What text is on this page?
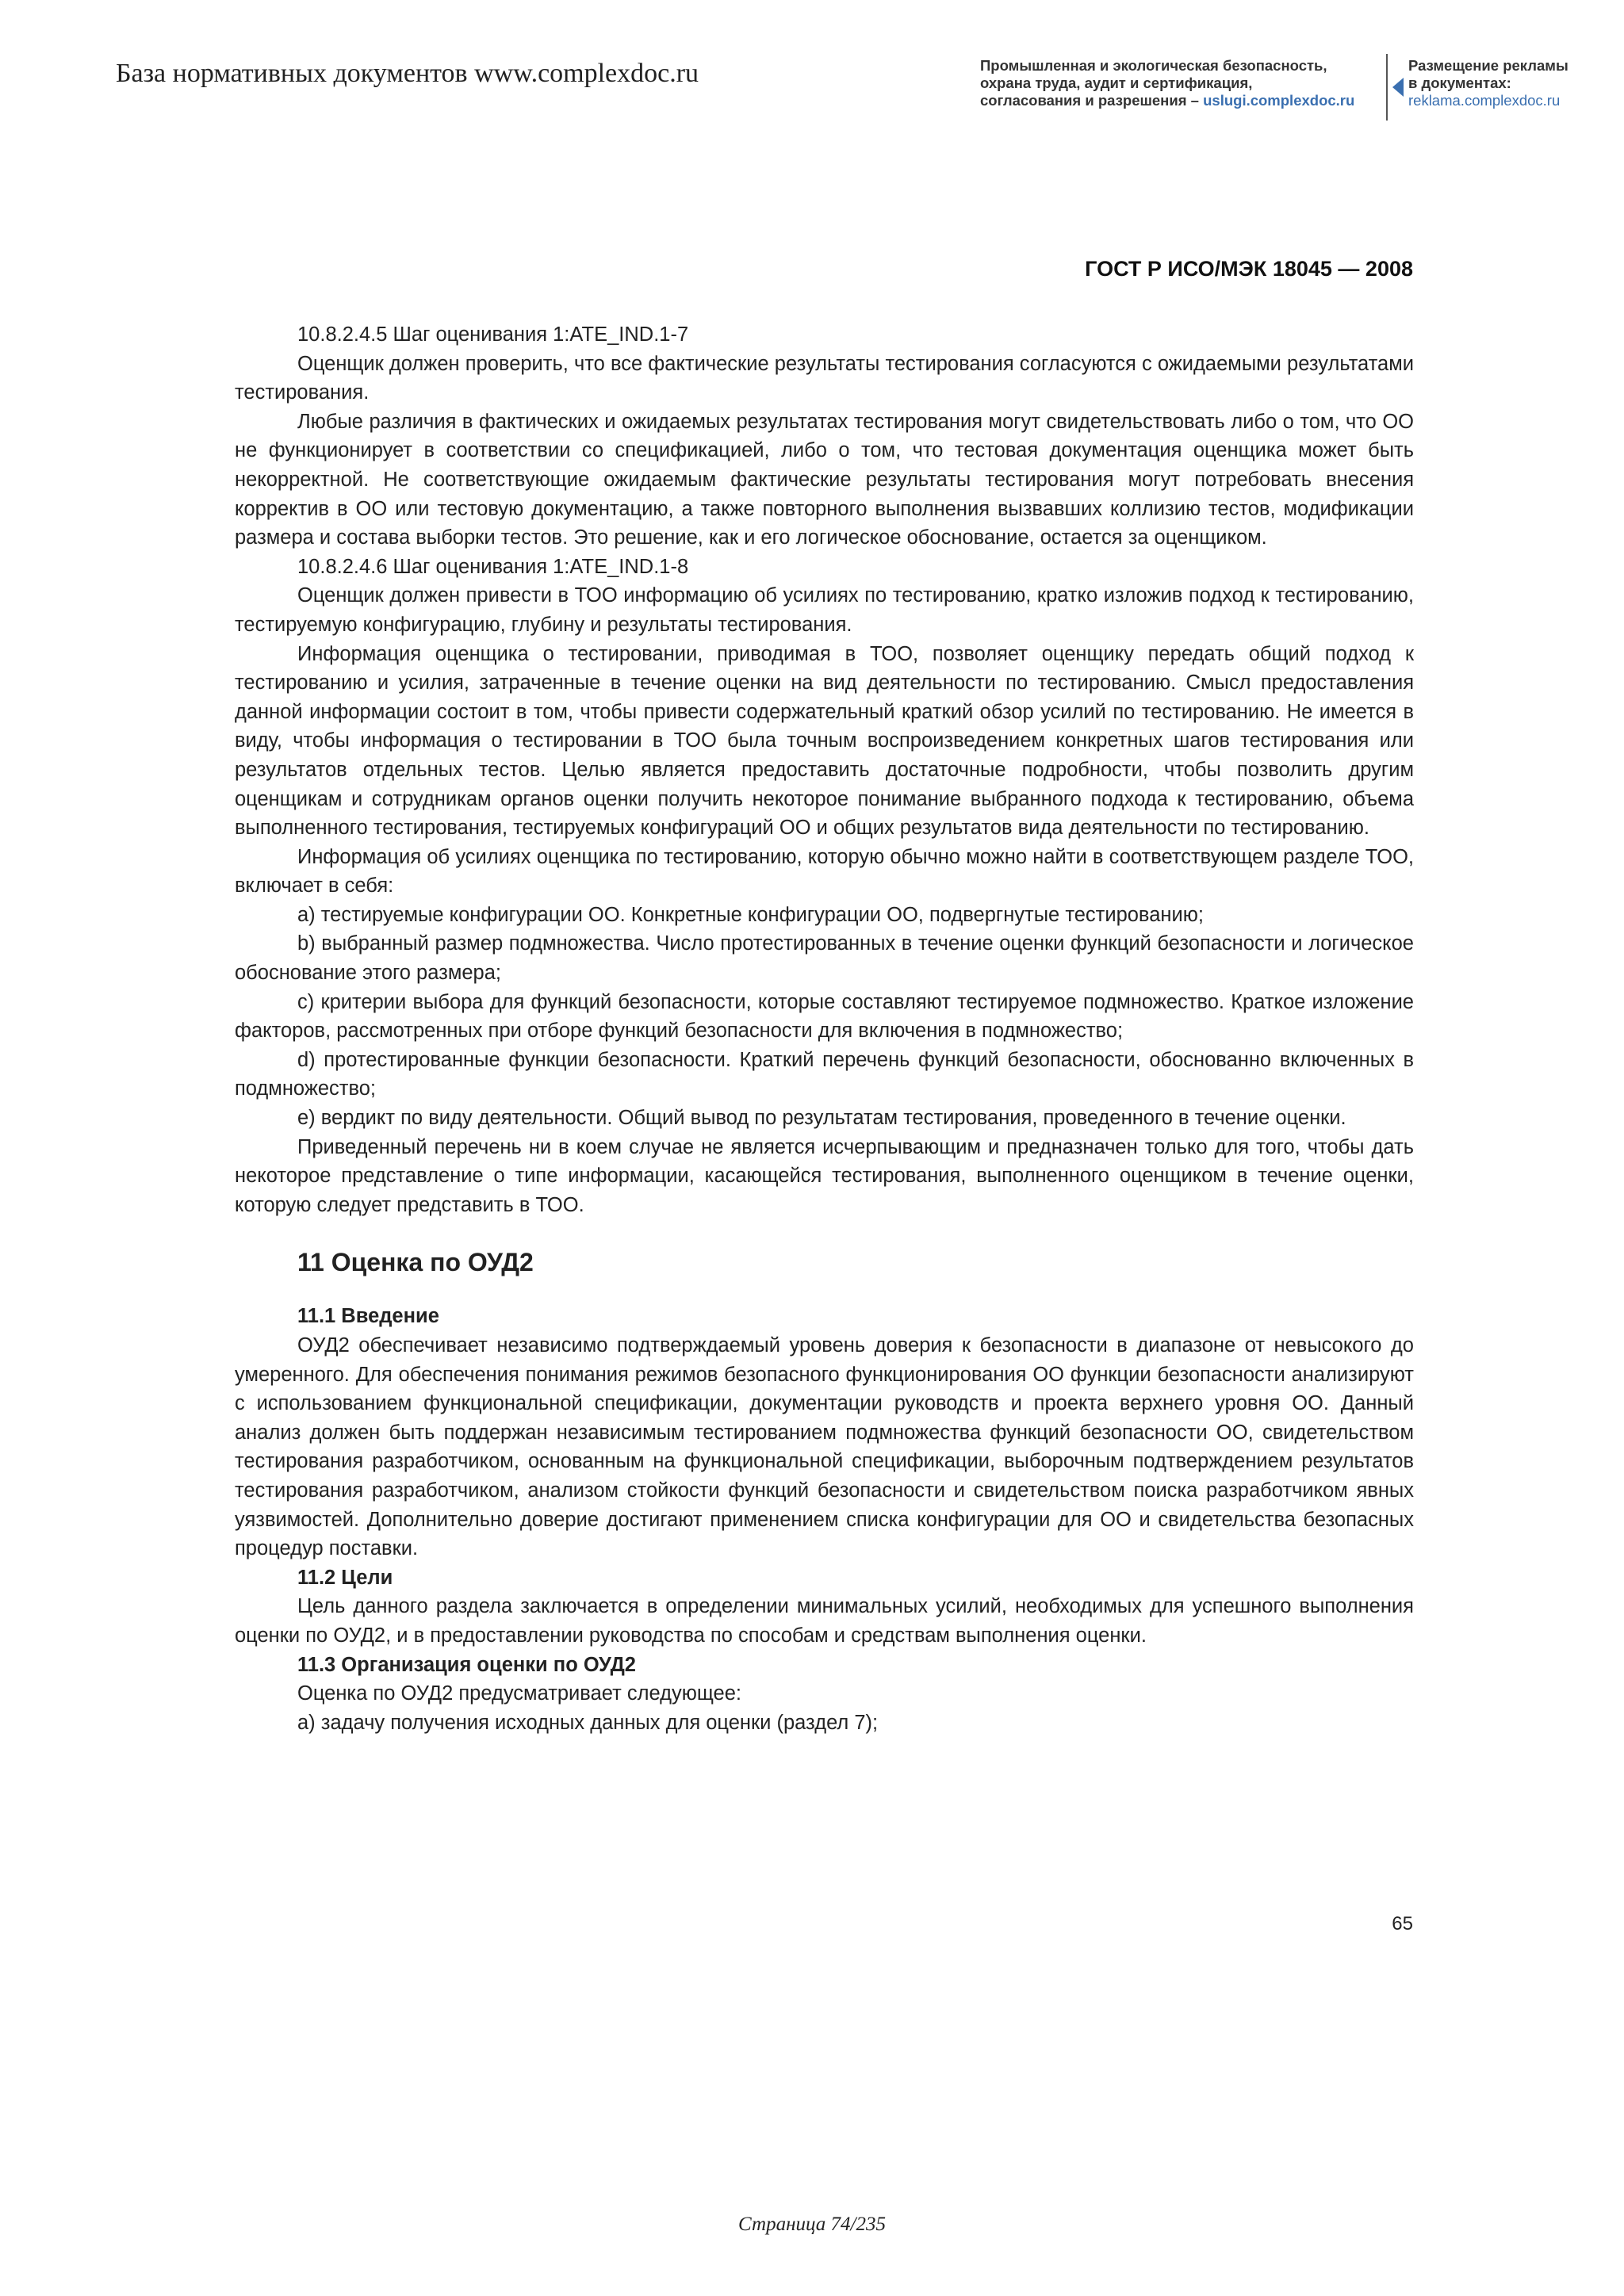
База нормативных документов www.complexdoc.ru	Промышленная и экологическая безопасность,
охрана труда, аудит и сертификация,
согласования и разрешения – uslugi.complexdoc.ru
Размещение рекламы
в документах:
reklama.complexdoc.ru
ГОСТ Р ИСО/МЭК 18045 — 2008

10.8.2.4.5 Шаг оценивания 1:ATE_IND.1-7

Оценщик должен проверить, что все фактические результаты тестирования согласуются с ожидаемыми результатами тестирования.

Любые различия в фактических и ожидаемых результатах тестирования могут свидетельствовать либо о том, что ОО не функционирует в соответствии со спецификацией, либо о том, что тестовая документация оценщика может быть некорректной. Не соответствующие ожидаемым фактические результаты тестирования могут потребовать внесения корректив в ОО или тестовую документацию, а также повторного выполнения вызвавших коллизию тестов, модификации размера и состава выборки тестов. Это решение, как и его логическое обоснование, остается за оценщиком.

10.8.2.4.6 Шаг оценивания 1:ATE_IND.1-8

Оценщик должен привести в ТОО информацию об усилиях по тестированию, кратко изложив подход к тестированию, тестируемую конфигурацию, глубину и результаты тестирования.

Информация оценщика о тестировании, приводимая в ТОО, позволяет оценщику передать общий подход к тестированию и усилия, затраченные в течение оценки на вид деятельности по тестированию. Смысл предоставления данной информации состоит в том, чтобы привести содержательный краткий обзор усилий по тестированию. Не имеется в виду, чтобы информация о тестировании в ТОО была точным воспроизведением конкретных шагов тестирования или результатов отдельных тестов. Целью является предоставить достаточные подробности, чтобы позволить другим оценщикам и сотрудникам органов оценки получить некоторое понимание выбранного подхода к тестированию, объема выполненного тестирования, тестируемых конфигураций ОО и общих результатов вида деятельности по тестированию.

Информация об усилиях оценщика по тестированию, которую обычно можно найти в соответствующем разделе ТОО, включает в себя:

a) тестируемые конфигурации ОО. Конкретные конфигурации ОО, подвергнутые тестированию;

b) выбранный размер подмножества. Число протестированных в течение оценки функций безопасности и логическое обоснование этого размера;

c) критерии выбора для функций безопасности, которые составляют тестируемое подмножество. Краткое изложение факторов, рассмотренных при отборе функций безопасности для включения в подмножество;

d) протестированные функции безопасности. Краткий перечень функций безопасности, обоснованно включенных в подмножество;

e) вердикт по виду деятельности. Общий вывод по результатам тестирования, проведенного в течение оценки.

Приведенный перечень ни в коем случае не является исчерпывающим и предназначен только для того, чтобы дать некоторое представление о типе информации, касающейся тестирования, выполненного оценщиком в течение оценки, которую следует представить в ТОО.

11 Оценка по ОУД2
11.1 Введение

ОУД2 обеспечивает независимо подтверждаемый уровень доверия к безопасности в диапазоне от невысокого до умеренного. Для обеспечения понимания режимов безопасного функционирования ОО функции безопасности анализируют с использованием функциональной спецификации, документации руководств и проекта верхнего уровня ОО. Данный анализ должен быть поддержан независимым тестированием подмножества функций безопасности ОО, свидетельством тестирования разработчиком, основанным на функциональной спецификации, выборочным подтверждением результатов тестирования разработчиком, анализом стойкости функций безопасности и свидетельством поиска разработчиком явных уязвимостей. Дополнительно доверие достигают применением списка конфигурации для ОО и свидетельства безопасных процедур поставки.

11.2 Цели

Цель данного раздела заключается в определении минимальных усилий, необходимых для успешного выполнения оценки по ОУД2, и в предоставлении руководства по способам и средствам выполнения оценки.

11.3 Организация оценки по ОУД2

Оценка по ОУД2 предусматривает следующее:

a) задачу получения исходных данных для оценки (раздел 7);

65
Страница 74/235
